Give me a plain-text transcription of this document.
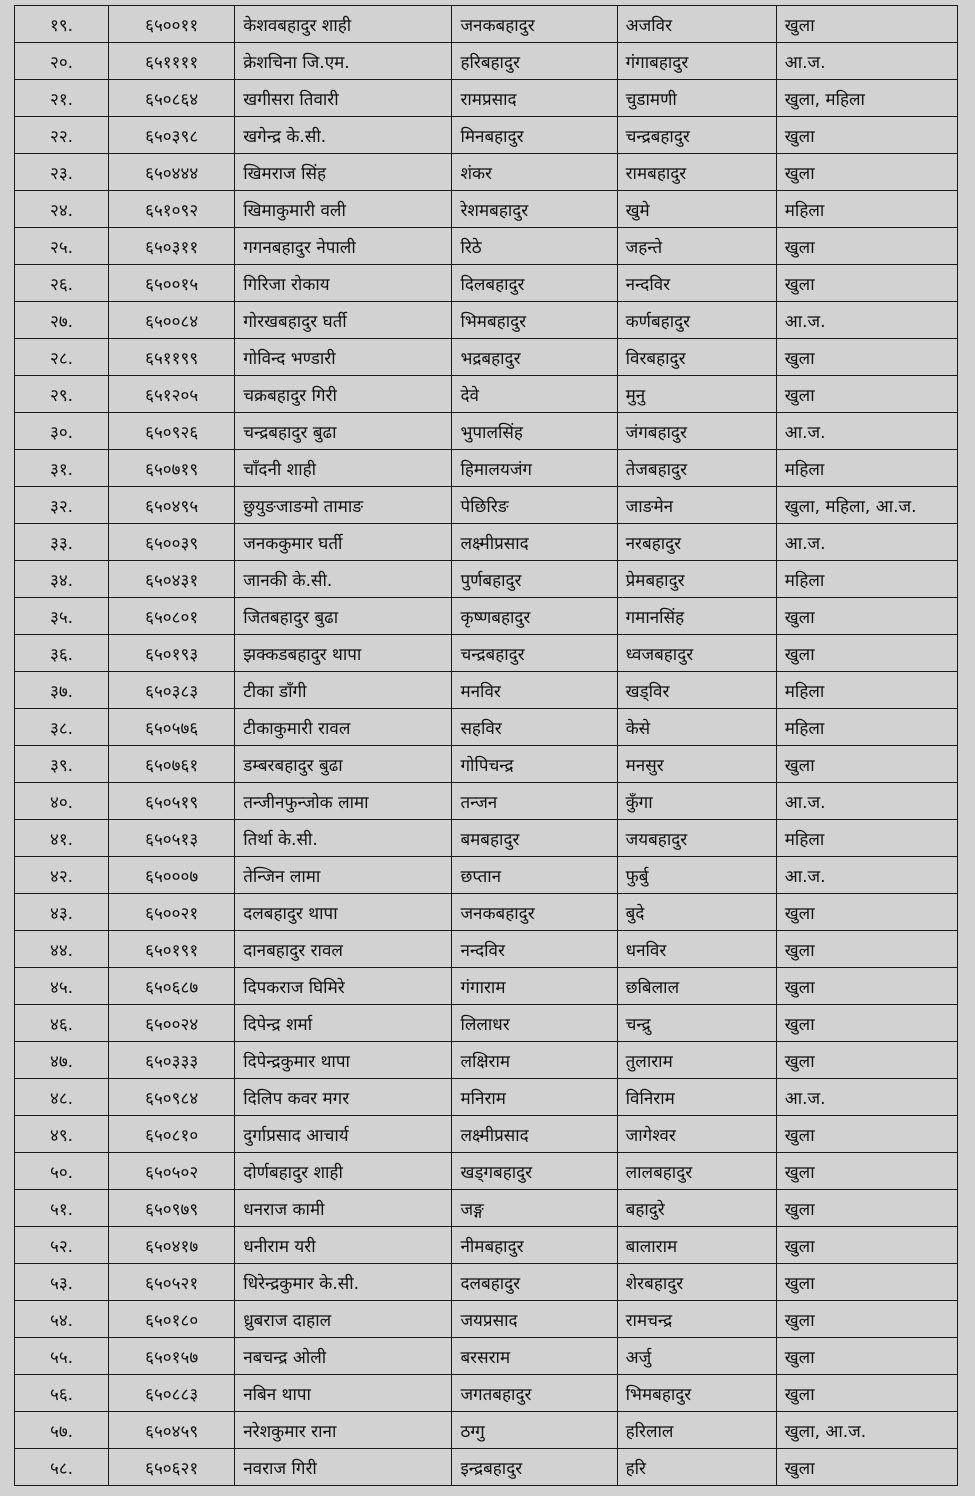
१९.	६५००११	केशवबहादुर शाही	जनकबहादुर	अजविर	खुला
२०.	६५११११	क्रेशचिना जि.एम.	हरिबहादुर	गंगाबहादुर	आ.ज.
२१.	६५०८६४	खगीसरा तिवारी	रामप्रसाद	चुडामणी	खुला, महिला
२२.	६५०३९८	खगेन्द्र के.सी.	मिनबहादुर	चन्द्रबहादुर	खुला
२३.	६५०४४४	खिमराज सिंह	शंकर	रामबहादुर	खुला
२४.	६५१०९२	खिमाकुमारी वली	रेशमबहादुर	खुमे	महिला
२५.	६५०३११	गगनबहादुर नेपाली	रिठे	जहन्ते	खुला
२६.	६५००१५	गिरिजा रोकाय	दिलबहादुर	नन्दविर	खुला
२७.	६५००८४	गोरखबहादुर घर्ती	भिमबहादुर	कर्णबहादुर	आ.ज.
२८.	६५११९९	गोविन्द भण्डारी	भद्रबहादुर	विरबहादुर	खुला
२९.	६५१२०५	चक्रबहादुर गिरी	देवे	मुनु	खुला
३०.	६५०९२६	चन्द्रबहादुर बुढा	भुपालसिंह	जंगबहादुर	आ.ज.
३१.	६५०७१९	चाँदनी शाही	हिमालयजंग	तेजबहादुर	महिला
३२.	६५०४९५	छुयुङजाङमो तामाङ	पेछिरिङ	जाङमेन	खुला, महिला, आ.ज.
३३.	६५००३९	जनककुमार घर्ती	लक्ष्मीप्रसाद	नरबहादुर	आ.ज.
३४.	६५०४३१	जानकी के.सी.	पुर्णबहादुर	प्रेमबहादुर	महिला
३५.	६५०८०१	जितबहादुर बुढा	कृष्णबहादुर	गमानसिंह	खुला
३६.	६५०१९३	झक्कडबहादुर थापा	चन्द्रबहादुर	ध्वजबहादुर	खुला
३७.	६५०३८३	टीका डाँगी	मनविर	खड्विर	महिला
३८.	६५०५७६	टीकाकुमारी रावल	सहविर	केसे	महिला
३९.	६५०७६१	डम्बरबहादुर बुढा	गोपिचन्द्र	मनसुर	खुला
४०.	६५०५१९	तन्जीनफुन्जोक लामा	तन्जन	कुँगा	आ.ज.
४१.	६५०५१३	तिर्था के.सी.	बमबहादुर	जयबहादुर	महिला
४२.	६५०००७	तेन्जिन लामा	छप्तान	फुर्बु	आ.ज.
४३.	६५००२१	दलबहादुर थापा	जनकबहादुर	बुदे	खुला
४४.	६५०१९१	दानबहादुर रावल	नन्दविर	धनविर	खुला
४५.	६५०६८७	दिपकराज घिमिरे	गंगाराम	छबिलाल	खुला
४६.	६५००२४	दिपेन्द्र शर्मा	लिलाधर	चन्द्रु	खुला
४७.	६५०३३३	दिपेन्द्रकुमार थापा	लक्षिराम	तुलाराम	खुला
४८.	६५०९८४	दिलिप कवर मगर	मनिराम	विनिराम	आ.ज.
४९.	६५०८१०	दुर्गाप्रसाद आचार्य	लक्ष्मीप्रसाद	जागेश्वर	खुला
५०.	६५०५०२	दोर्णबहादुर शाही	खड्गबहादुर	लालबहादुर	खुला
५१.	६५०९७९	धनराज कामी	जङ्ग	बहादुरे	खुला
५२.	६५०४१७	धनीराम यरी	नीमबहादुर	बालाराम	खुला
५३.	६५०५२१	धिरेन्द्रकुमार के.सी.	दलबहादुर	शेरबहादुर	खुला
५४.	६५०१८०	ध्रुबराज दाहाल	जयप्रसाद	रामचन्द्र	खुला
५५.	६५०१५७	नबचन्द्र ओली	बरसराम	अर्जु	खुला
५६.	६५०८८३	नबिन थापा	जगतबहादुर	भिमबहादुर	खुला
५७.	६५०४५९	नरेशकुमार राना	ठग्गु	हरिलाल	खुला, आ.ज.
५८.	६५०६२१	नवराज गिरी	इन्द्रबहादुर	हरि	खुला
